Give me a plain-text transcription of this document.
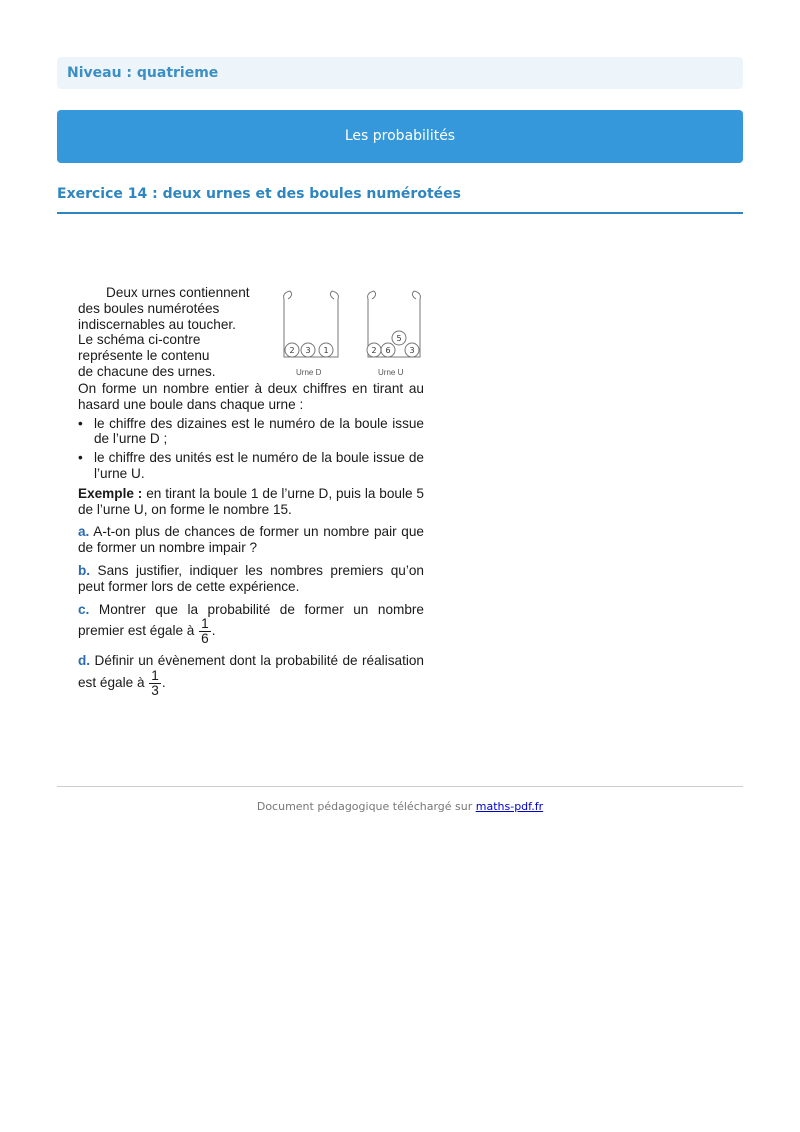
Niveau : quatrieme
Les probabilités
Exercice 14 : deux urnes et des boules numérotées
Deux urnes contiennent
des boules numérotées
indiscernables au toucher.
Le schéma ci-contre
représente le contenu
de chacune des urnes.
2 3 1	2 6
5
3
Urne D	Urne U
On forme un nombre entier à deux chiffres en tirant au hasard une boule dans chaque urne :
• le chiffre des dizaines est le numéro de la boule issue de l’urne D ;
• le chiffre des unités est le numéro de la boule issue de l’urne U.
Exemple : en tirant la boule 1 de l’urne D, puis la boule 5 de l’urne U, on forme le nombre 15.
a. A-t-on plus de chances de former un nombre pair que de former un nombre impair ?
b. Sans justifier, indiquer les nombres premiers qu’on peut former lors de cette expérience.
c. Montrer que la probabilité de former un nombre premier est égale à $\frac{1}{6}$ .
d. Définir un évènement dont la probabilité de réalisation est égale à $\frac{1}{3}$ .
Document pédagogique téléchargé sur maths-pdf.fr
